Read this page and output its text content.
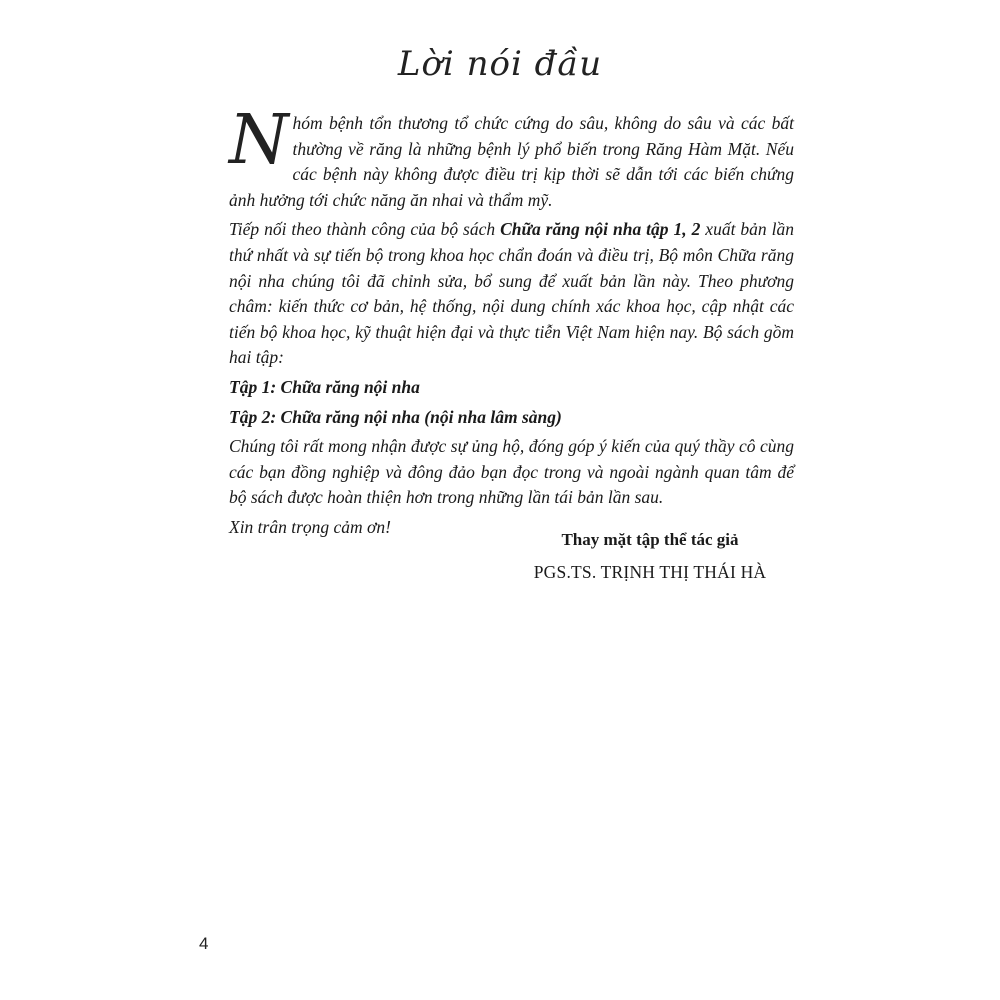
Lời nói đầu

Nhóm bệnh tổn thương tổ chức cứng do sâu, không do sâu và các bất thường về răng là những bệnh lý phổ biến trong Răng Hàm Mặt. Nếu các bệnh này không được điều trị kịp thời sẽ dẫn tới các biến chứng ảnh hưởng tới chức năng ăn nhai và thẩm mỹ.

Tiếp nối theo thành công của bộ sách Chữa răng nội nha tập 1, 2 xuất bản lần thứ nhất và sự tiến bộ trong khoa học chẩn đoán và điều trị, Bộ môn Chữa răng nội nha chúng tôi đã chỉnh sửa, bổ sung để xuất bản lần này. Theo phương châm: kiến thức cơ bản, hệ thống, nội dung chính xác khoa học, cập nhật các tiến bộ khoa học, kỹ thuật hiện đại và thực tiễn Việt Nam hiện nay. Bộ sách gồm hai tập:

Tập 1: Chữa răng nội nha

Tập 2: Chữa răng nội nha (nội nha lâm sàng)

Chúng tôi rất mong nhận được sự ủng hộ, đóng góp ý kiến của quý thầy cô cùng các bạn đồng nghiệp và đông đảo bạn đọc trong và ngoài ngành quan tâm để bộ sách được hoàn thiện hơn trong những lần tái bản lần sau.

Xin trân trọng cảm ơn!

Thay mặt tập thể tác giả
PGS.TS. TRỊNH THỊ THÁI HÀ
4
